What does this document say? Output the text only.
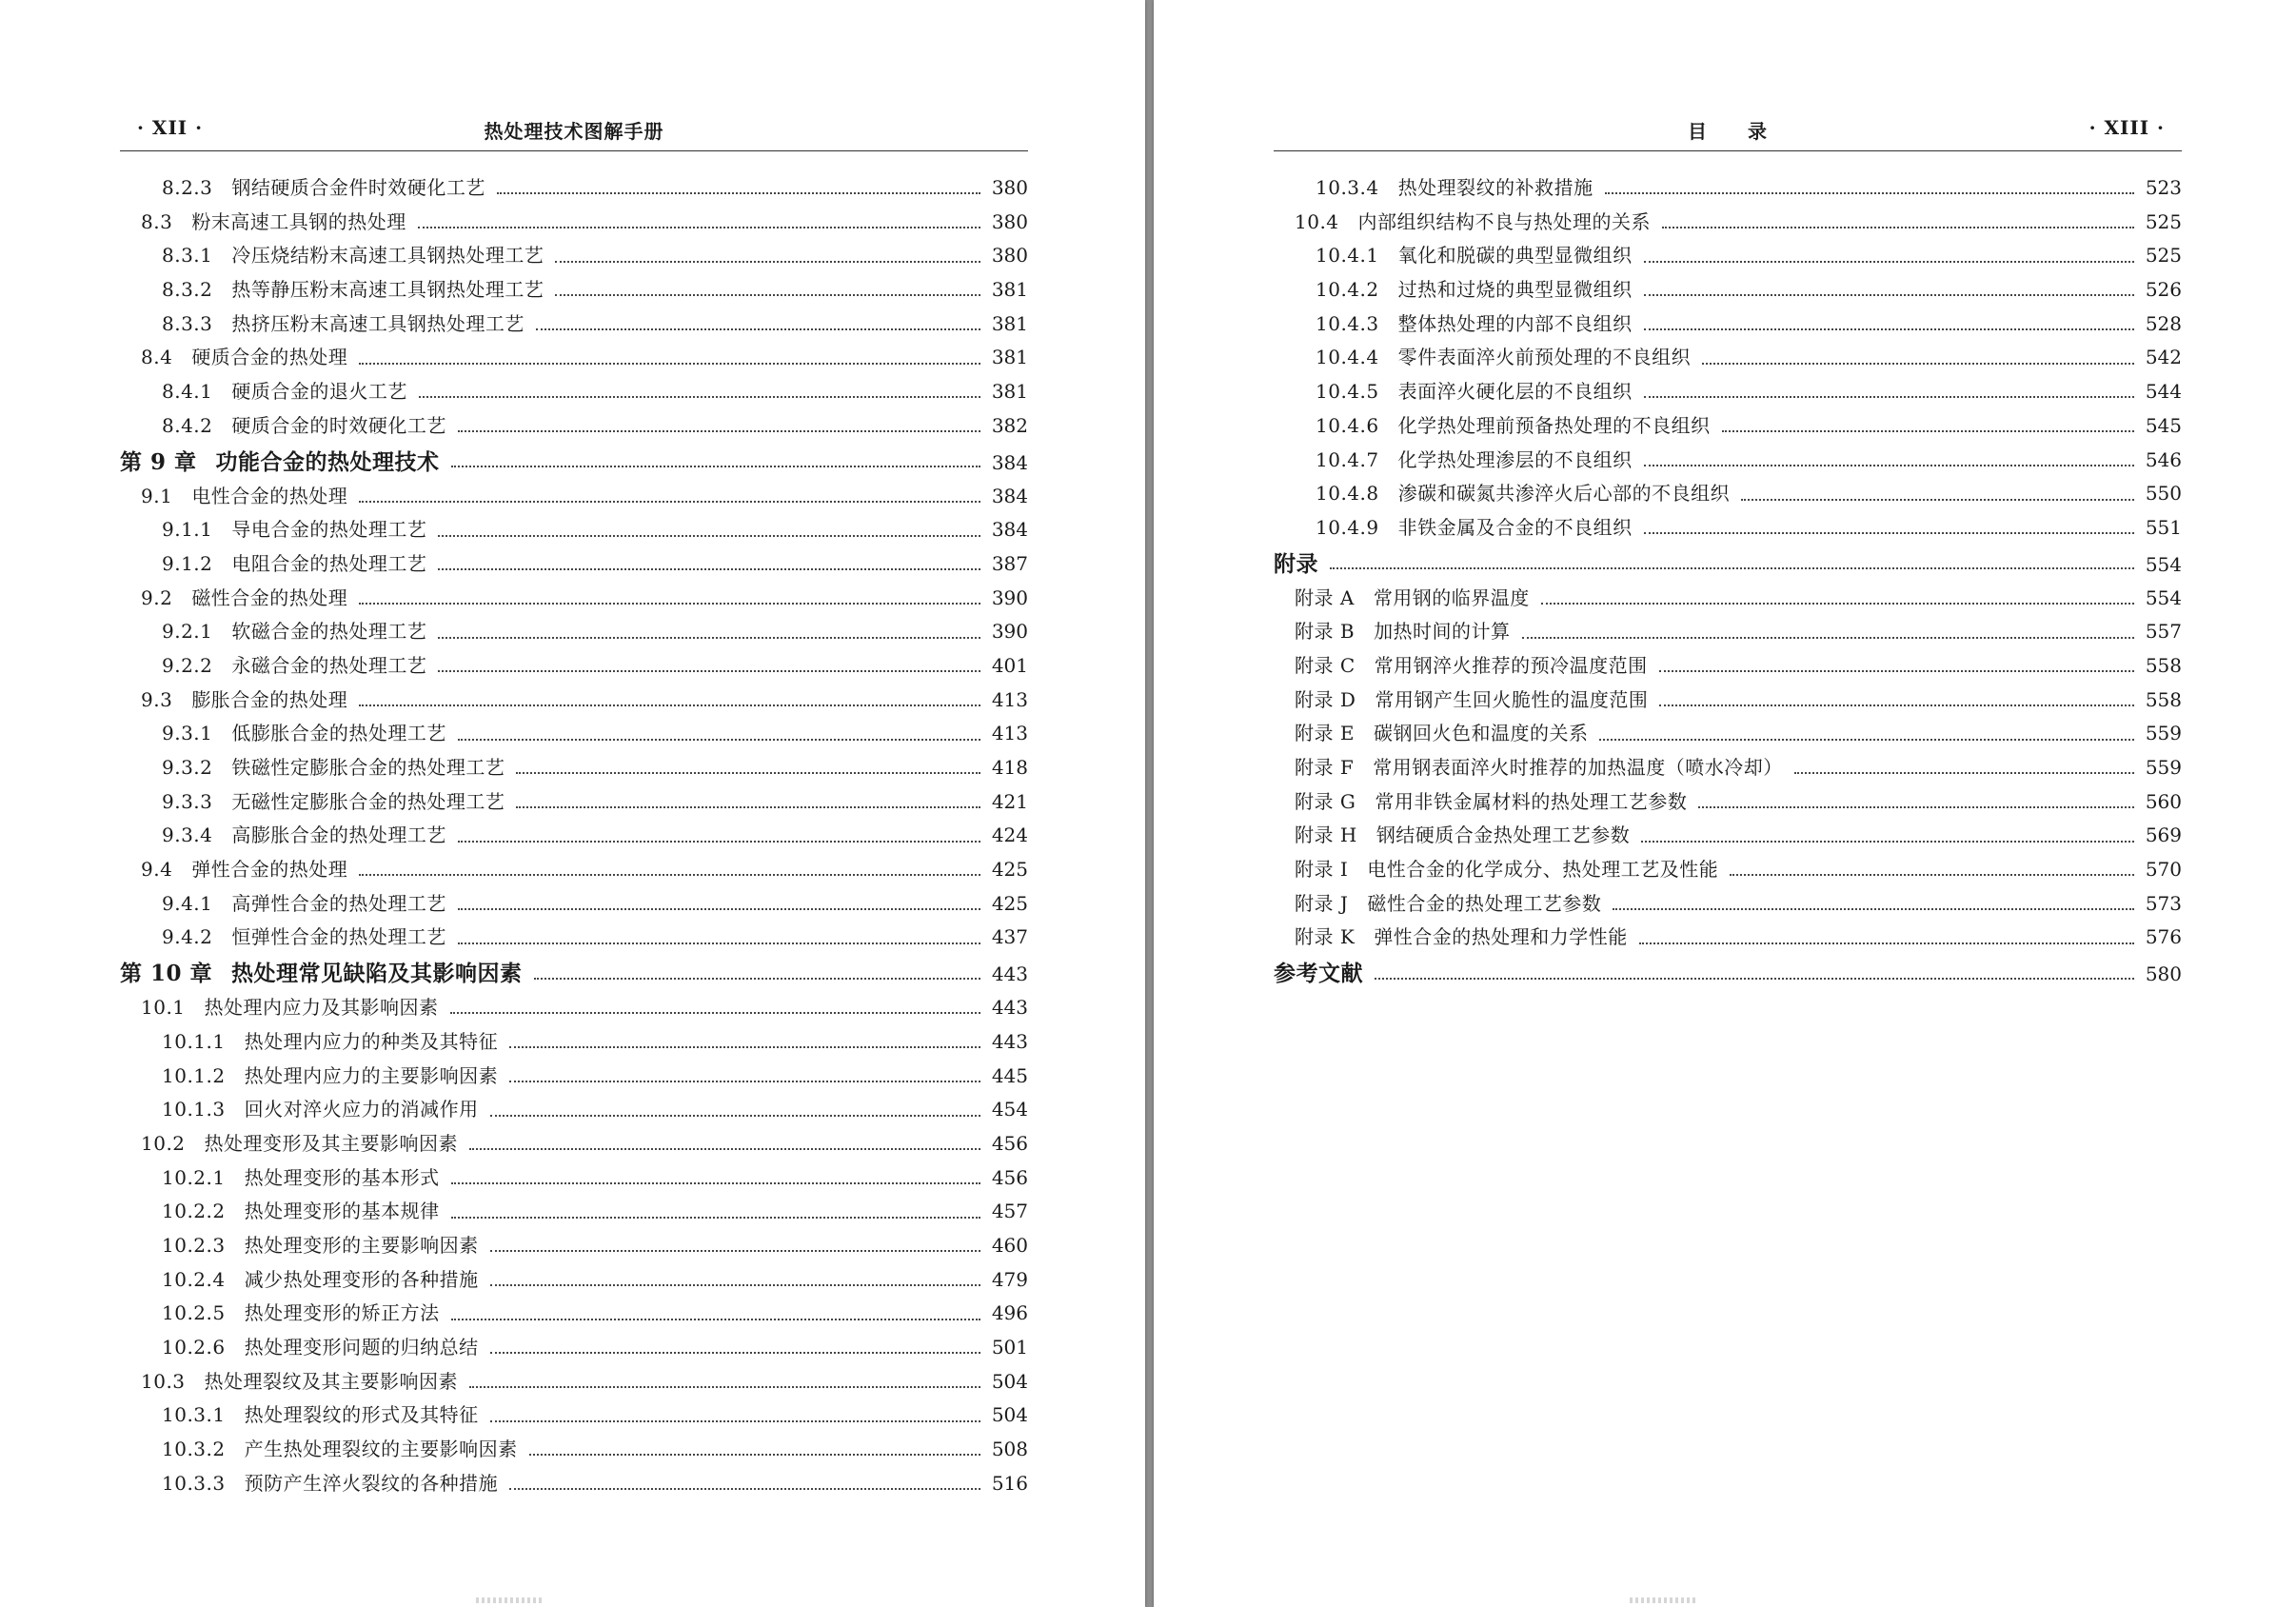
· XII ·	热处理技术图解手册
8.2.3 钢结硬质合金件时效硬化工艺	380
8.3 粉末高速工具钢的热处理	380
8.3.1 冷压烧结粉末高速工具钢热处理工艺	380
8.3.2 热等静压粉末高速工具钢热处理工艺	381
8.3.3 热挤压粉末高速工具钢热处理工艺	381
8.4 硬质合金的热处理	381
8.4.1 硬质合金的退火工艺	381
8.4.2 硬质合金的时效硬化工艺	382
第 9 章 功能合金的热处理技术	384
9.1 电性合金的热处理	384
9.1.1 导电合金的热处理工艺	384
9.1.2 电阻合金的热处理工艺	387
9.2 磁性合金的热处理	390
9.2.1 软磁合金的热处理工艺	390
9.2.2 永磁合金的热处理工艺	401
9.3 膨胀合金的热处理	413
9.3.1 低膨胀合金的热处理工艺	413
9.3.2 铁磁性定膨胀合金的热处理工艺	418
9.3.3 无磁性定膨胀合金的热处理工艺	421
9.3.4 高膨胀合金的热处理工艺	424
9.4 弹性合金的热处理	425
9.4.1 高弹性合金的热处理工艺	425
9.4.2 恒弹性合金的热处理工艺	437
第 10 章 热处理常见缺陷及其影响因素	443
10.1 热处理内应力及其影响因素	443
10.1.1 热处理内应力的种类及其特征	443
10.1.2 热处理内应力的主要影响因素	445
10.1.3 回火对淬火应力的消减作用	454
10.2 热处理变形及其主要影响因素	456
10.2.1 热处理变形的基本形式	456
10.2.2 热处理变形的基本规律	457
10.2.3 热处理变形的主要影响因素	460
10.2.4 减少热处理变形的各种措施	479
10.2.5 热处理变形的矫正方法	496
10.2.6 热处理变形问题的归纳总结	501
10.3 热处理裂纹及其主要影响因素	504
10.3.1 热处理裂纹的形式及其特征	504
10.3.2 产生热处理裂纹的主要影响因素	508
10.3.3 预防产生淬火裂纹的各种措施	516
目　　录	· XIII ·
10.3.4 热处理裂纹的补救措施	523
10.4 内部组织结构不良与热处理的关系	525
10.4.1 氧化和脱碳的典型显微组织	525
10.4.2 过热和过烧的典型显微组织	526
10.4.3 整体热处理的内部不良组织	528
10.4.4 零件表面淬火前预处理的不良组织	542
10.4.5 表面淬火硬化层的不良组织	544
10.4.6 化学热处理前预备热处理的不良组织	545
10.4.7 化学热处理渗层的不良组织	546
10.4.8 渗碳和碳氮共渗淬火后心部的不良组织	550
10.4.9 非铁金属及合金的不良组织	551
附录	554
附录 A 常用钢的临界温度	554
附录 B 加热时间的计算	557
附录 C 常用钢淬火推荐的预冷温度范围	558
附录 D 常用钢产生回火脆性的温度范围	558
附录 E 碳钢回火色和温度的关系	559
附录 F 常用钢表面淬火时推荐的加热温度（喷水冷却）	559
附录 G 常用非铁金属材料的热处理工艺参数	560
附录 H 钢结硬质合金热处理工艺参数	569
附录 I 电性合金的化学成分、热处理工艺及性能	570
附录 J 磁性合金的热处理工艺参数	573
附录 K 弹性合金的热处理和力学性能	576
参考文献	580
